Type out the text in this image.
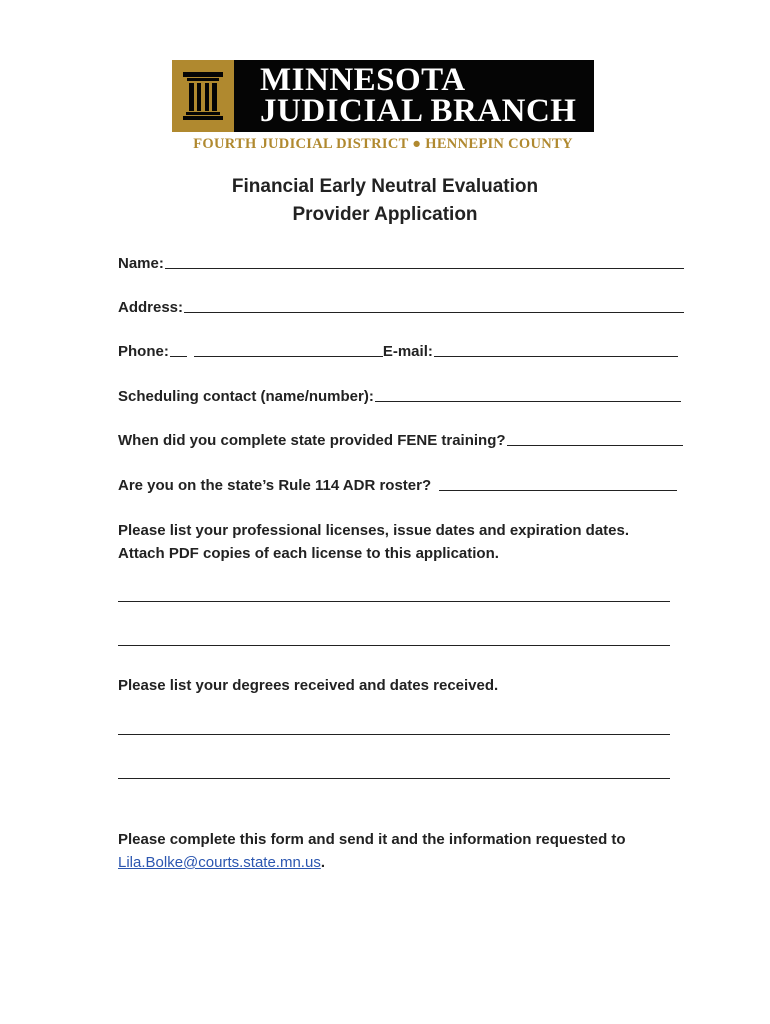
MINNESOTA
JUDICIAL BRANCH
FOURTH JUDICIAL DISTRICT ● HENNEPIN COUNTY
Financial Early Neutral Evaluation
Provider Application
Name:
Address:
Phone:	E-mail:
Scheduling contact (name/number):
When did you complete state provided FENE training?
Are you on the state’s Rule 114 ADR roster?
Please list your professional licenses, issue dates and expiration dates.
Attach PDF copies of each license to this application.
Please list your degrees received and dates received.
Please complete this form and send it and the information requested to
Lila.Bolke@courts.state.mn.us.
